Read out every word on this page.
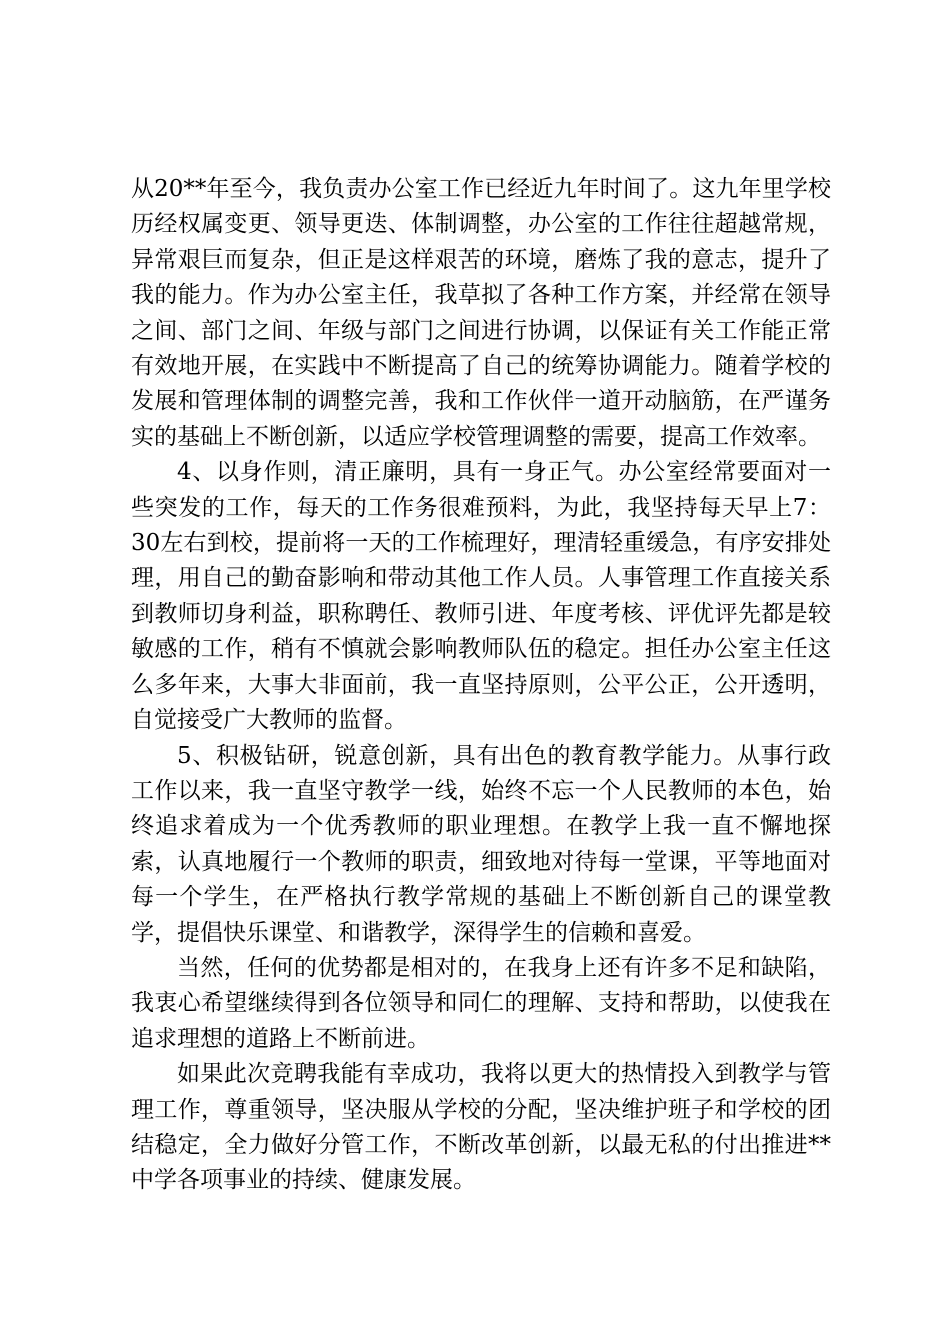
从20**年至今，我负责办公室工作已经近九年时间了。这九年里学校历经权属变更、领导更迭、体制调整，办公室的工作往往超越常规，异常艰巨而复杂，但正是这样艰苦的环境，磨炼了我的意志，提升了我的能力。作为办公室主任，我草拟了各种工作方案，并经常在领导之间、部门之间、年级与部门之间进行协调，以保证有关工作能正常有效地开展，在实践中不断提高了自己的统筹协调能力。随着学校的发展和管理体制的调整完善，我和工作伙伴一道开动脑筋，在严谨务实的基础上不断创新，以适应学校管理调整的需要，提高工作效率。

4、以身作则，清正廉明，具有一身正气。办公室经常要面对一些突发的工作，每天的工作务很难预料，为此，我坚持每天早上7：30左右到校，提前将一天的工作梳理好，理清轻重缓急，有序安排处理，用自己的勤奋影响和带动其他工作人员。人事管理工作直接关系到教师切身利益，职称聘任、教师引进、年度考核、评优评先都是较敏感的工作，稍有不慎就会影响教师队伍的稳定。担任办公室主任这么多年来，大事大非面前，我一直坚持原则，公平公正，公开透明，自觉接受广大教师的监督。

5、积极钻研，锐意创新，具有出色的教育教学能力。从事行政工作以来，我一直坚守教学一线，始终不忘一个人民教师的本色，始终追求着成为一个优秀教师的职业理想。在教学上我一直不懈地探索，认真地履行一个教师的职责，细致地对待每一堂课，平等地面对每一个学生，在严格执行教学常规的基础上不断创新自己的课堂教学，提倡快乐课堂、和谐教学，深得学生的信赖和喜爱。

当然，任何的优势都是相对的，在我身上还有许多不足和缺陷，我衷心希望继续得到各位领导和同仁的理解、支持和帮助，以使我在追求理想的道路上不断前进。

如果此次竞聘我能有幸成功，我将以更大的热情投入到教学与管理工作，尊重领导，坚决服从学校的分配，坚决维护班子和学校的团结稳定，全力做好分管工作，不断改革创新，以最无私的付出推进**中学各项事业的持续、健康发展。
